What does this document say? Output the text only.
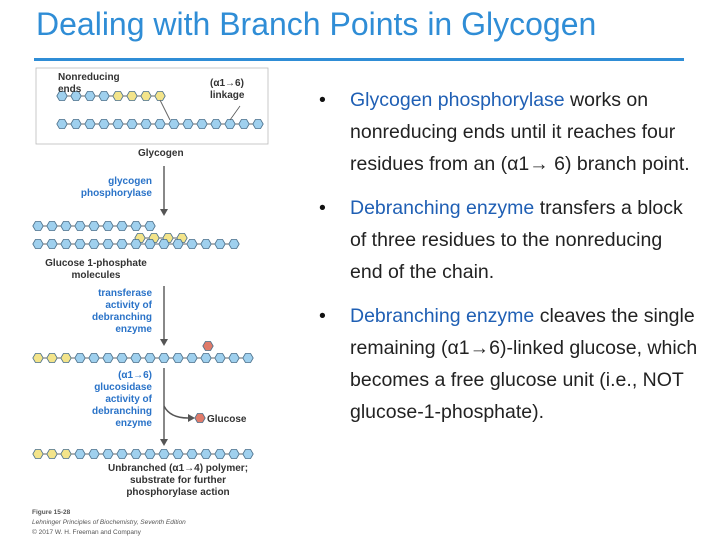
Dealing with Branch Points in Glycogen
Nonreducing
ends
(α1→6)
linkage
Glycogen
glycogen
phosphorylase
Glucose 1-phosphate
molecules
transferase
activity of
debranching
enzyme
(α1→6)
glucosidase
activity of
debranching
enzyme	Glucose
Unbranched (α1→4) polymer;
substrate for further
phosphorylase action
Figure 15-28
Lehninger Principles of Biochemistry, Seventh Edition
© 2017 W. H. Freeman and Company
• Glycogen phosphorylase works on nonreducing ends until it reaches four residues from an (α1→ 6) branch point.
• Debranching enzyme transfers a block of three residues to the nonreducing end of the chain.
• Debranching enzyme cleaves the single remaining (α1→6)-linked glucose, which becomes a free glucose unit (i.e., NOT glucose-1-phosphate).
